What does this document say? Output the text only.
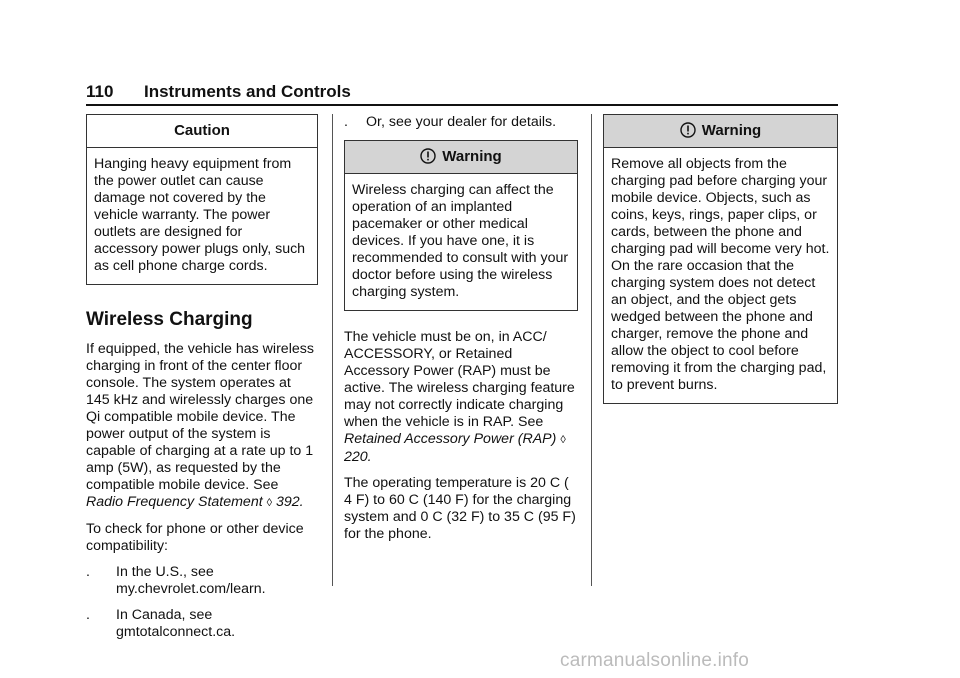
110 Instruments and Controls
Caution
Hanging heavy equipment from the power outlet can cause damage not covered by the vehicle warranty. The power outlets are designed for accessory power plugs only, such as cell phone charge cords.
Wireless Charging

If equipped, the vehicle has wireless charging in front of the center floor console. The system operates at 145 kHz and wirelessly charges one Qi compatible mobile device. The power output of the system is capable of charging at a rate up to 1 amp (5W), as requested by the compatible mobile device. See
Radio Frequency Statement ◊ 392.

To check for phone or other device compatibility:

.	In the U.S., see my.chevrolet.com/learn.
.	In Canada, see gmtotalconnect.ca.
.	Or, see your dealer for details.
Warning
Wireless charging can affect the operation of an implanted pacemaker or other medical devices. If you have one, it is recommended to consult with your doctor before using the wireless charging system.

The vehicle must be on, in ACC/ ACCESSORY, or Retained Accessory Power (RAP) must be active. The wireless charging feature may not correctly indicate charging when the vehicle is in RAP. See Retained Accessory Power (RAP) ◊ 220.

The operating temperature is 20 C ( 4 F) to 60 C (140 F) for the charging system and 0 C (32 F) to 35 C (95 F) for the phone.

Warning
Remove all objects from the charging pad before charging your mobile device. Objects, such as coins, keys, rings, paper clips, or cards, between the phone and charging pad will become very hot. On the rare occasion that the charging system does not detect an object, and the object gets wedged between the phone and charger, remove the phone and allow the object to cool before removing it from the charging pad, to prevent burns.
carmanualsonline.info
